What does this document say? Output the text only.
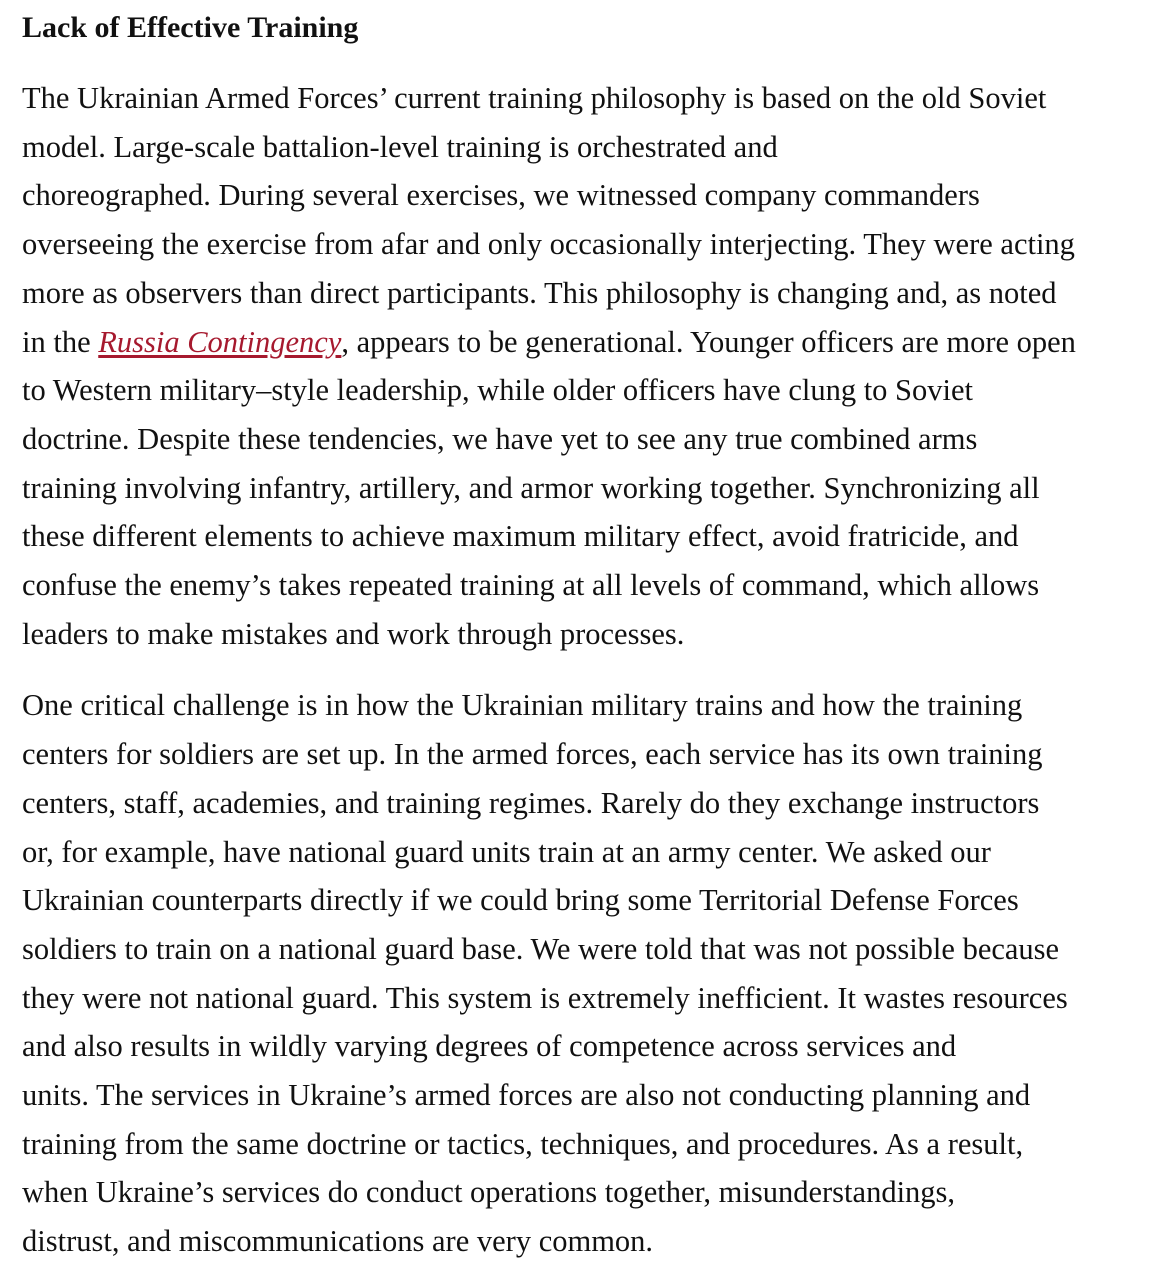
Lack of Effective Training

The Ukrainian Armed Forces’ current training philosophy is based on the old Soviet
model. Large-scale battalion-level training is orchestrated and
choreographed. During several exercises, we witnessed company commanders
overseeing the exercise from afar and only occasionally interjecting. They were acting
more as observers than direct participants. This philosophy is changing and, as noted
in the Russia Contingency, appears to be generational. Younger officers are more open
to Western military–style leadership, while older officers have clung to Soviet
doctrine. Despite these tendencies, we have yet to see any true combined arms
training involving infantry, artillery, and armor working together. Synchronizing all
these different elements to achieve maximum military effect, avoid fratricide, and
confuse the enemy’s takes repeated training at all levels of command, which allows
leaders to make mistakes and work through processes.

One critical challenge is in how the Ukrainian military trains and how the training
centers for soldiers are set up. In the armed forces, each service has its own training
centers, staff, academies, and training regimes. Rarely do they exchange instructors
or, for example, have national guard units train at an army center. We asked our
Ukrainian counterparts directly if we could bring some Territorial Defense Forces
soldiers to train on a national guard base. We were told that was not possible because
they were not national guard. This system is extremely inefficient. It wastes resources
and also results in wildly varying degrees of competence across services and
units. The services in Ukraine’s armed forces are also not conducting planning and
training from the same doctrine or tactics, techniques, and procedures. As a result,
when Ukraine’s services do conduct operations together, misunderstandings,
distrust, and miscommunications are very common.
